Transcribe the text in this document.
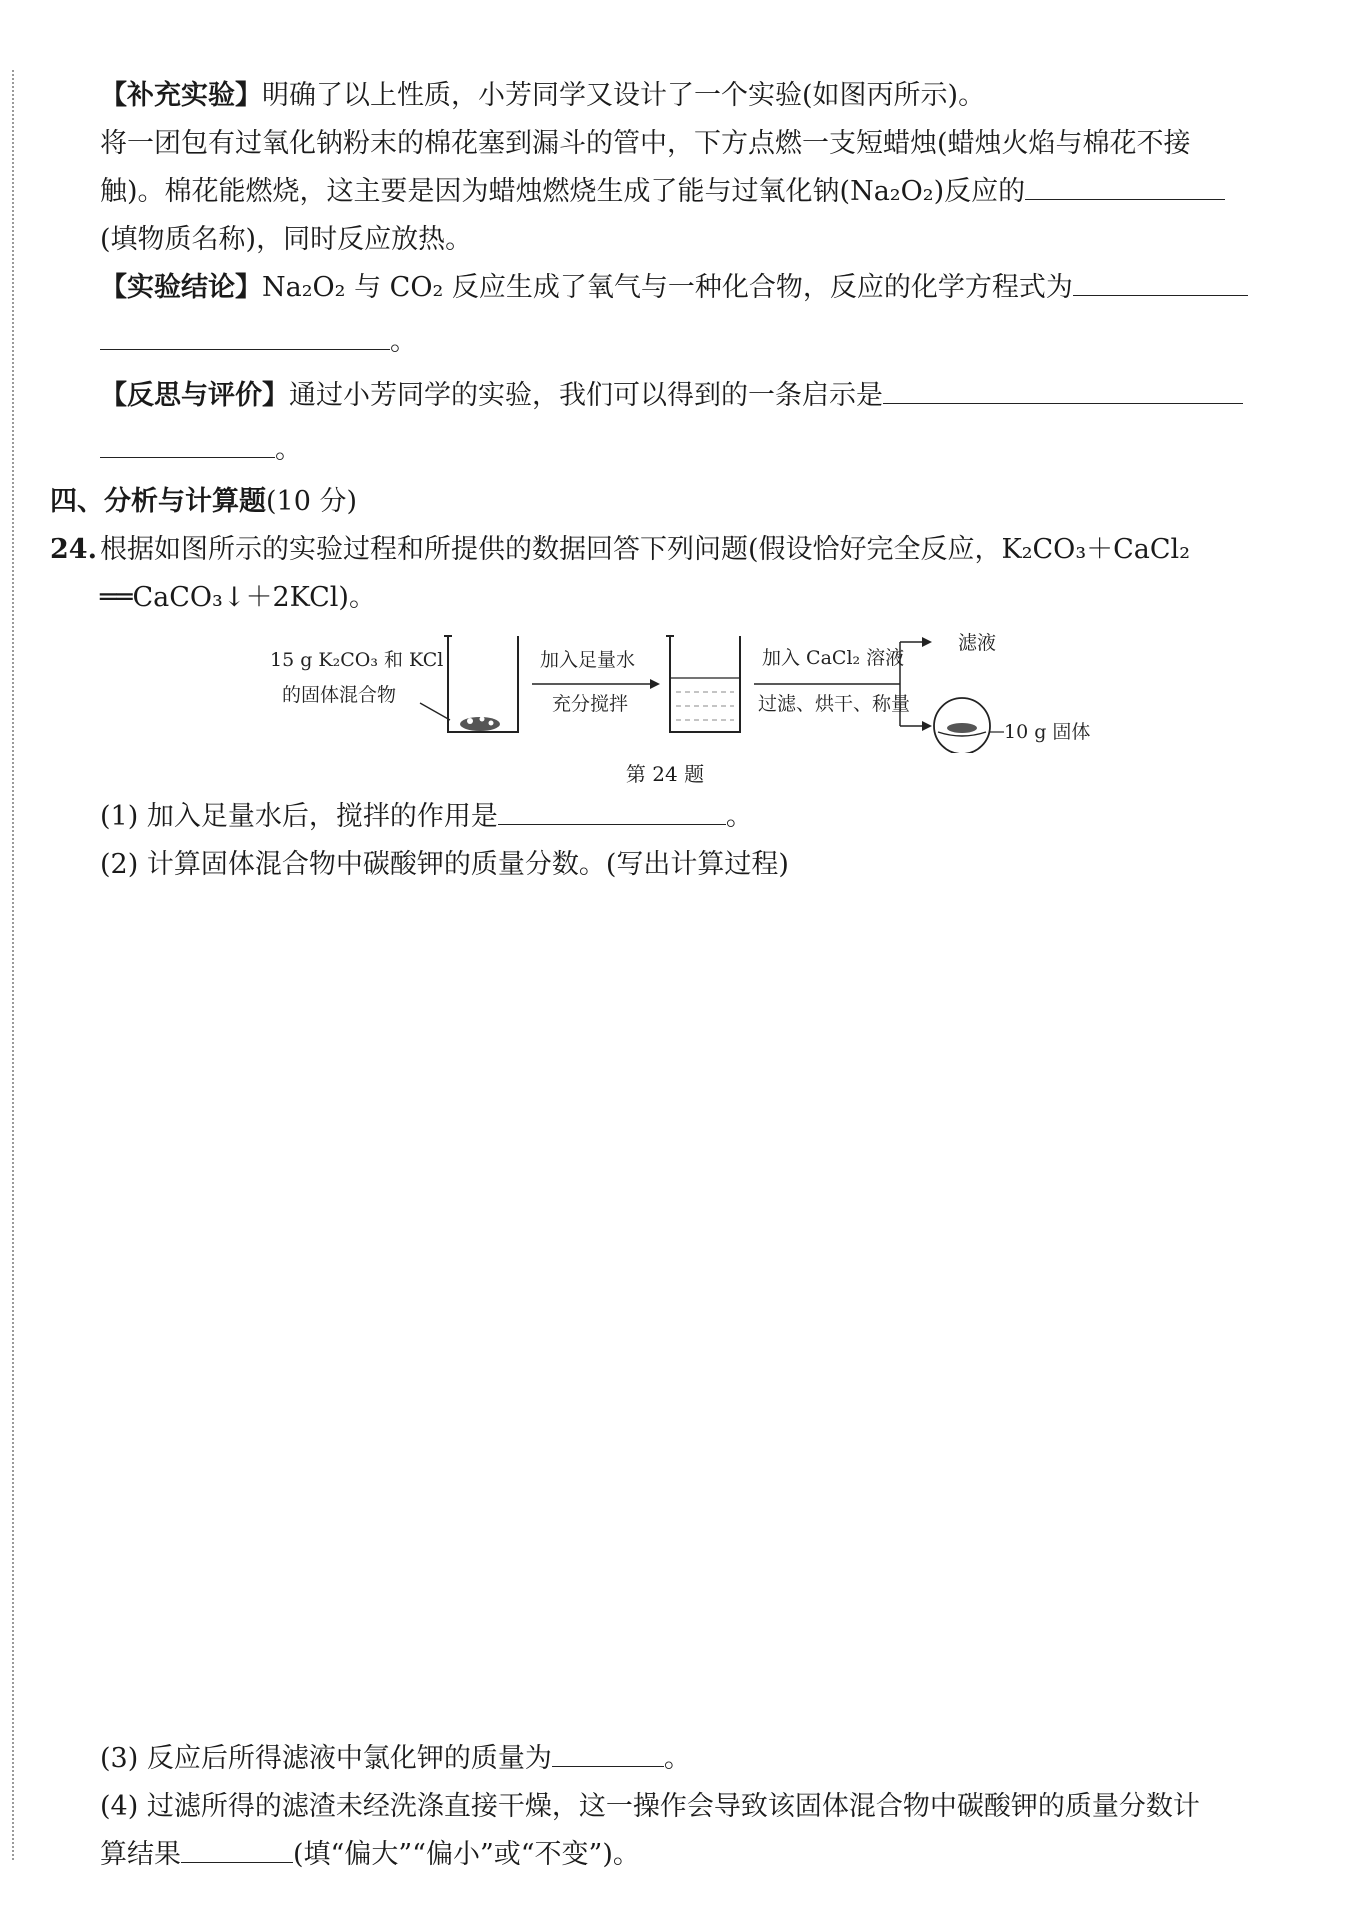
【补充实验】明确了以上性质，小芳同学又设计了一个实验(如图丙所示)。

将一团包有过氧化钠粉末的棉花塞到漏斗的管中，下方点燃一支短蜡烛(蜡烛火焰与棉花不接

触)。棉花能燃烧，这主要是因为蜡烛燃烧生成了能与过氧化钠(Na₂O₂)反应的

(填物质名称)，同时反应放热。

【实验结论】Na₂O₂ 与 CO₂ 反应生成了氧气与一种化合物，反应的化学方程式为

。

【反思与评价】通过小芳同学的实验，我们可以得到的一条启示是

。

四、分析与计算题(10 分)

24. 根据如图所示的实验过程和所提供的数据回答下列问题(假设恰好完全反应，K₂CO₃＋CaCl₂

══CaCO₃↓＋2KCl)。

15 g K₂CO₃ 和 KCl
的固体混合物
加入足量水
充分搅拌
加入 CaCl₂ 溶液
过滤、烘干、称量
滤液
10 g 固体

第 24 题

(1) 加入足量水后，搅拌的作用是	。

(2) 计算固体混合物中碳酸钾的质量分数。(写出计算过程)

(3) 反应后所得滤液中氯化钾的质量为	。

(4) 过滤所得的滤渣未经洗涤直接干燥，这一操作会导致该固体混合物中碳酸钾的质量分数计

算结果	(填“偏大”“偏小”或“不变”)。
